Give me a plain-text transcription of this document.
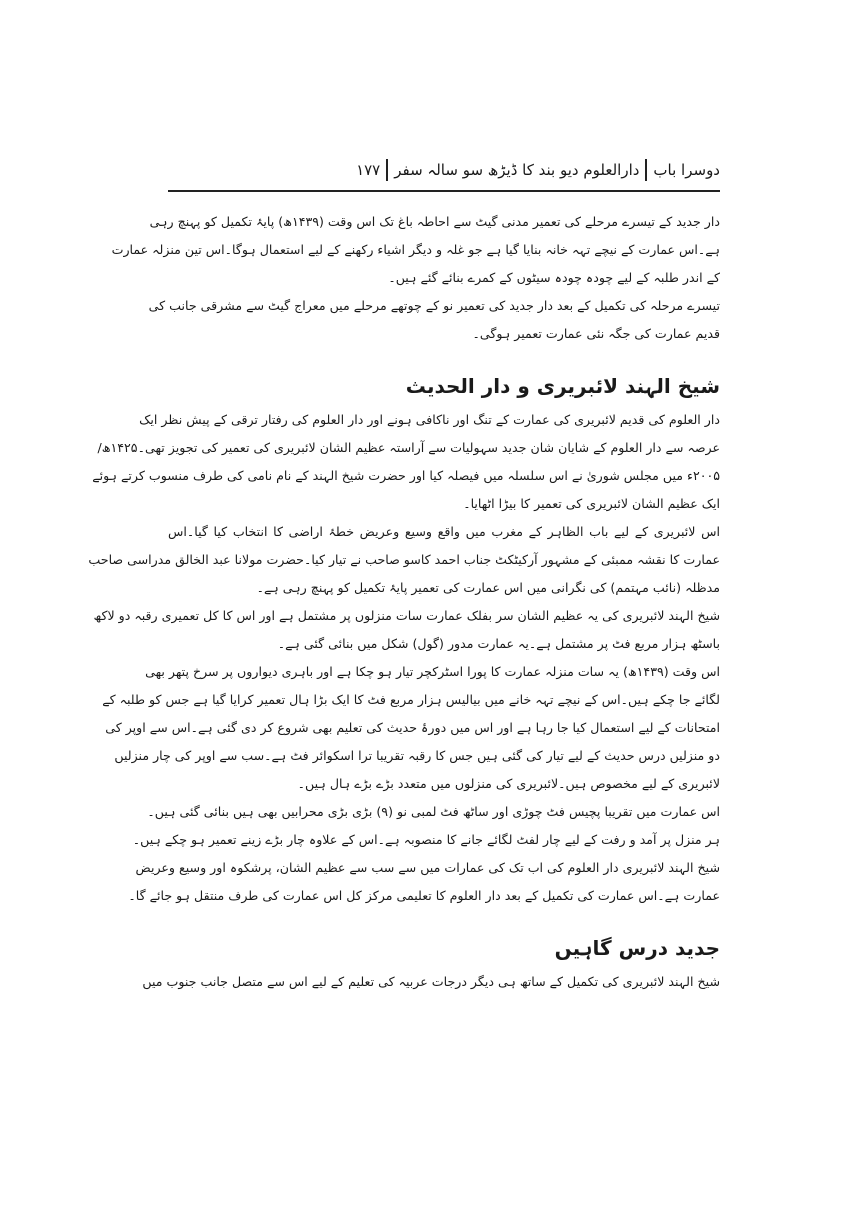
دوسرا باب
دارالعلوم دیو بند کا ڈیڑھ سو سالہ سفر
۱۷۷
دار جدید کے تیسرے مرحلے کی تعمیر مدنی گیٹ سے احاطہ باغ تک اس وقت (۱۴۳۹ھ) پایۂ تکمیل کو پہنچ رہی
ہے۔اس عمارت کے نیچے تہہ خانہ بنایا گیا ہے جو غلہ و دیگر اشیاء رکھنے کے لیے استعمال ہوگا۔اس تین منزلہ عمارت
کے اندر طلبہ کے لیے چودہ چودہ سیٹوں کے کمرے بنائے گئے ہیں۔
تیسرے مرحلہ کی تکمیل کے بعد دار جدید کی تعمیر نو کے چوتھے مرحلے میں معراج گیٹ سے مشرقی جانب کی
قدیم عمارت کی جگہ نئی عمارت تعمیر ہوگی۔
شیخ الہند لائبریری و دار الحدیث
دار العلوم کی قدیم لائبریری کی عمارت کے تنگ اور ناکافی ہونے اور دار العلوم کی رفتار ترقی کے پیش نظر ایک
عرصہ سے دار العلوم کے شایان شان جدید سہولیات سے آراستہ عظیم الشان لائبریری کی تعمیر کی تجویز تھی۔۱۴۲۵ھ/
۲۰۰۵ء میں مجلس شوریٰ نے اس سلسلہ میں فیصلہ کیا اور حضرت شیخ الہند کے نام نامی کی طرف منسوب کرتے ہوئے
ایک عظیم الشان لائبریری کی تعمیر کا بیڑا اٹھایا۔
اس لائبریری کے لیے باب الظاہر کے مغرب میں واقع وسیع وعریض خطۂ اراضی کا انتخاب کیا گیا۔اس
عمارت کا نقشہ ممبئی کے مشہور آرکیٹکٹ جناب احمد کاسو صاحب نے تیار کیا۔حضرت مولانا عبد الخالق مدراسی صاحب
مدظلہ (نائب مہتمم) کی نگرانی میں اس عمارت کی تعمیر پایۂ تکمیل کو پہنچ رہی ہے۔
شیخ الہند لائبریری کی یہ عظیم الشان سر بفلک عمارت سات منزلوں پر مشتمل ہے اور اس کا کل تعمیری رقبہ دو لاکھ
باسٹھ ہزار مربع فٹ پر مشتمل ہے۔یہ عمارت مدور (گول) شکل میں بنائی گئی ہے۔
اس وقت (۱۴۳۹ھ) یہ سات منزلہ عمارت کا پورا اسٹرکچر تیار ہو چکا ہے اور باہری دیواروں پر سرخ پتھر بھی
لگائے جا چکے ہیں۔اس کے نیچے تہہ خانے میں بیالیس ہزار مربع فٹ کا ایک بڑا ہال تعمیر کرایا گیا ہے جس کو طلبہ کے
امتحانات کے لیے استعمال کیا جا رہا ہے اور اس میں دورۂ حدیث کی تعلیم بھی شروع کر دی گئی ہے۔اس سے اوپر کی
دو منزلیں درس حدیث کے لیے تیار کی گئی ہیں جس کا رقبہ تقریبا ترا اسکوائر فٹ ہے۔سب سے اوپر کی چار منزلیں
لائبریری کے لیے مخصوص ہیں۔لائبریری کی منزلوں میں متعدد بڑے بڑے ہال ہیں۔
اس عمارت میں تقریبا پچیس فٹ چوڑی اور ساٹھ فٹ لمبی نو (۹) بڑی بڑی محرابیں بھی ہیں بنائی گئی ہیں۔
ہر منزل پر آمد و رفت کے لیے چار لفٹ لگائے جانے کا منصوبہ ہے۔اس کے علاوہ چار بڑے زینے تعمیر ہو چکے ہیں۔
شیخ الہند لائبریری دار العلوم کی اب تک کی عمارات میں سے سب سے عظیم الشان، پرشکوہ اور وسیع وعریض
عمارت ہے۔اس عمارت کی تکمیل کے بعد دار العلوم کا تعلیمی مرکز کل اس عمارت کی طرف منتقل ہو جائے گا۔
جدید درس گاہیں
شیخ الہند لائبریری کی تکمیل کے ساتھ ہی دیگر درجات عربیہ کی تعلیم کے لیے اس سے متصل جانب جنوب میں
